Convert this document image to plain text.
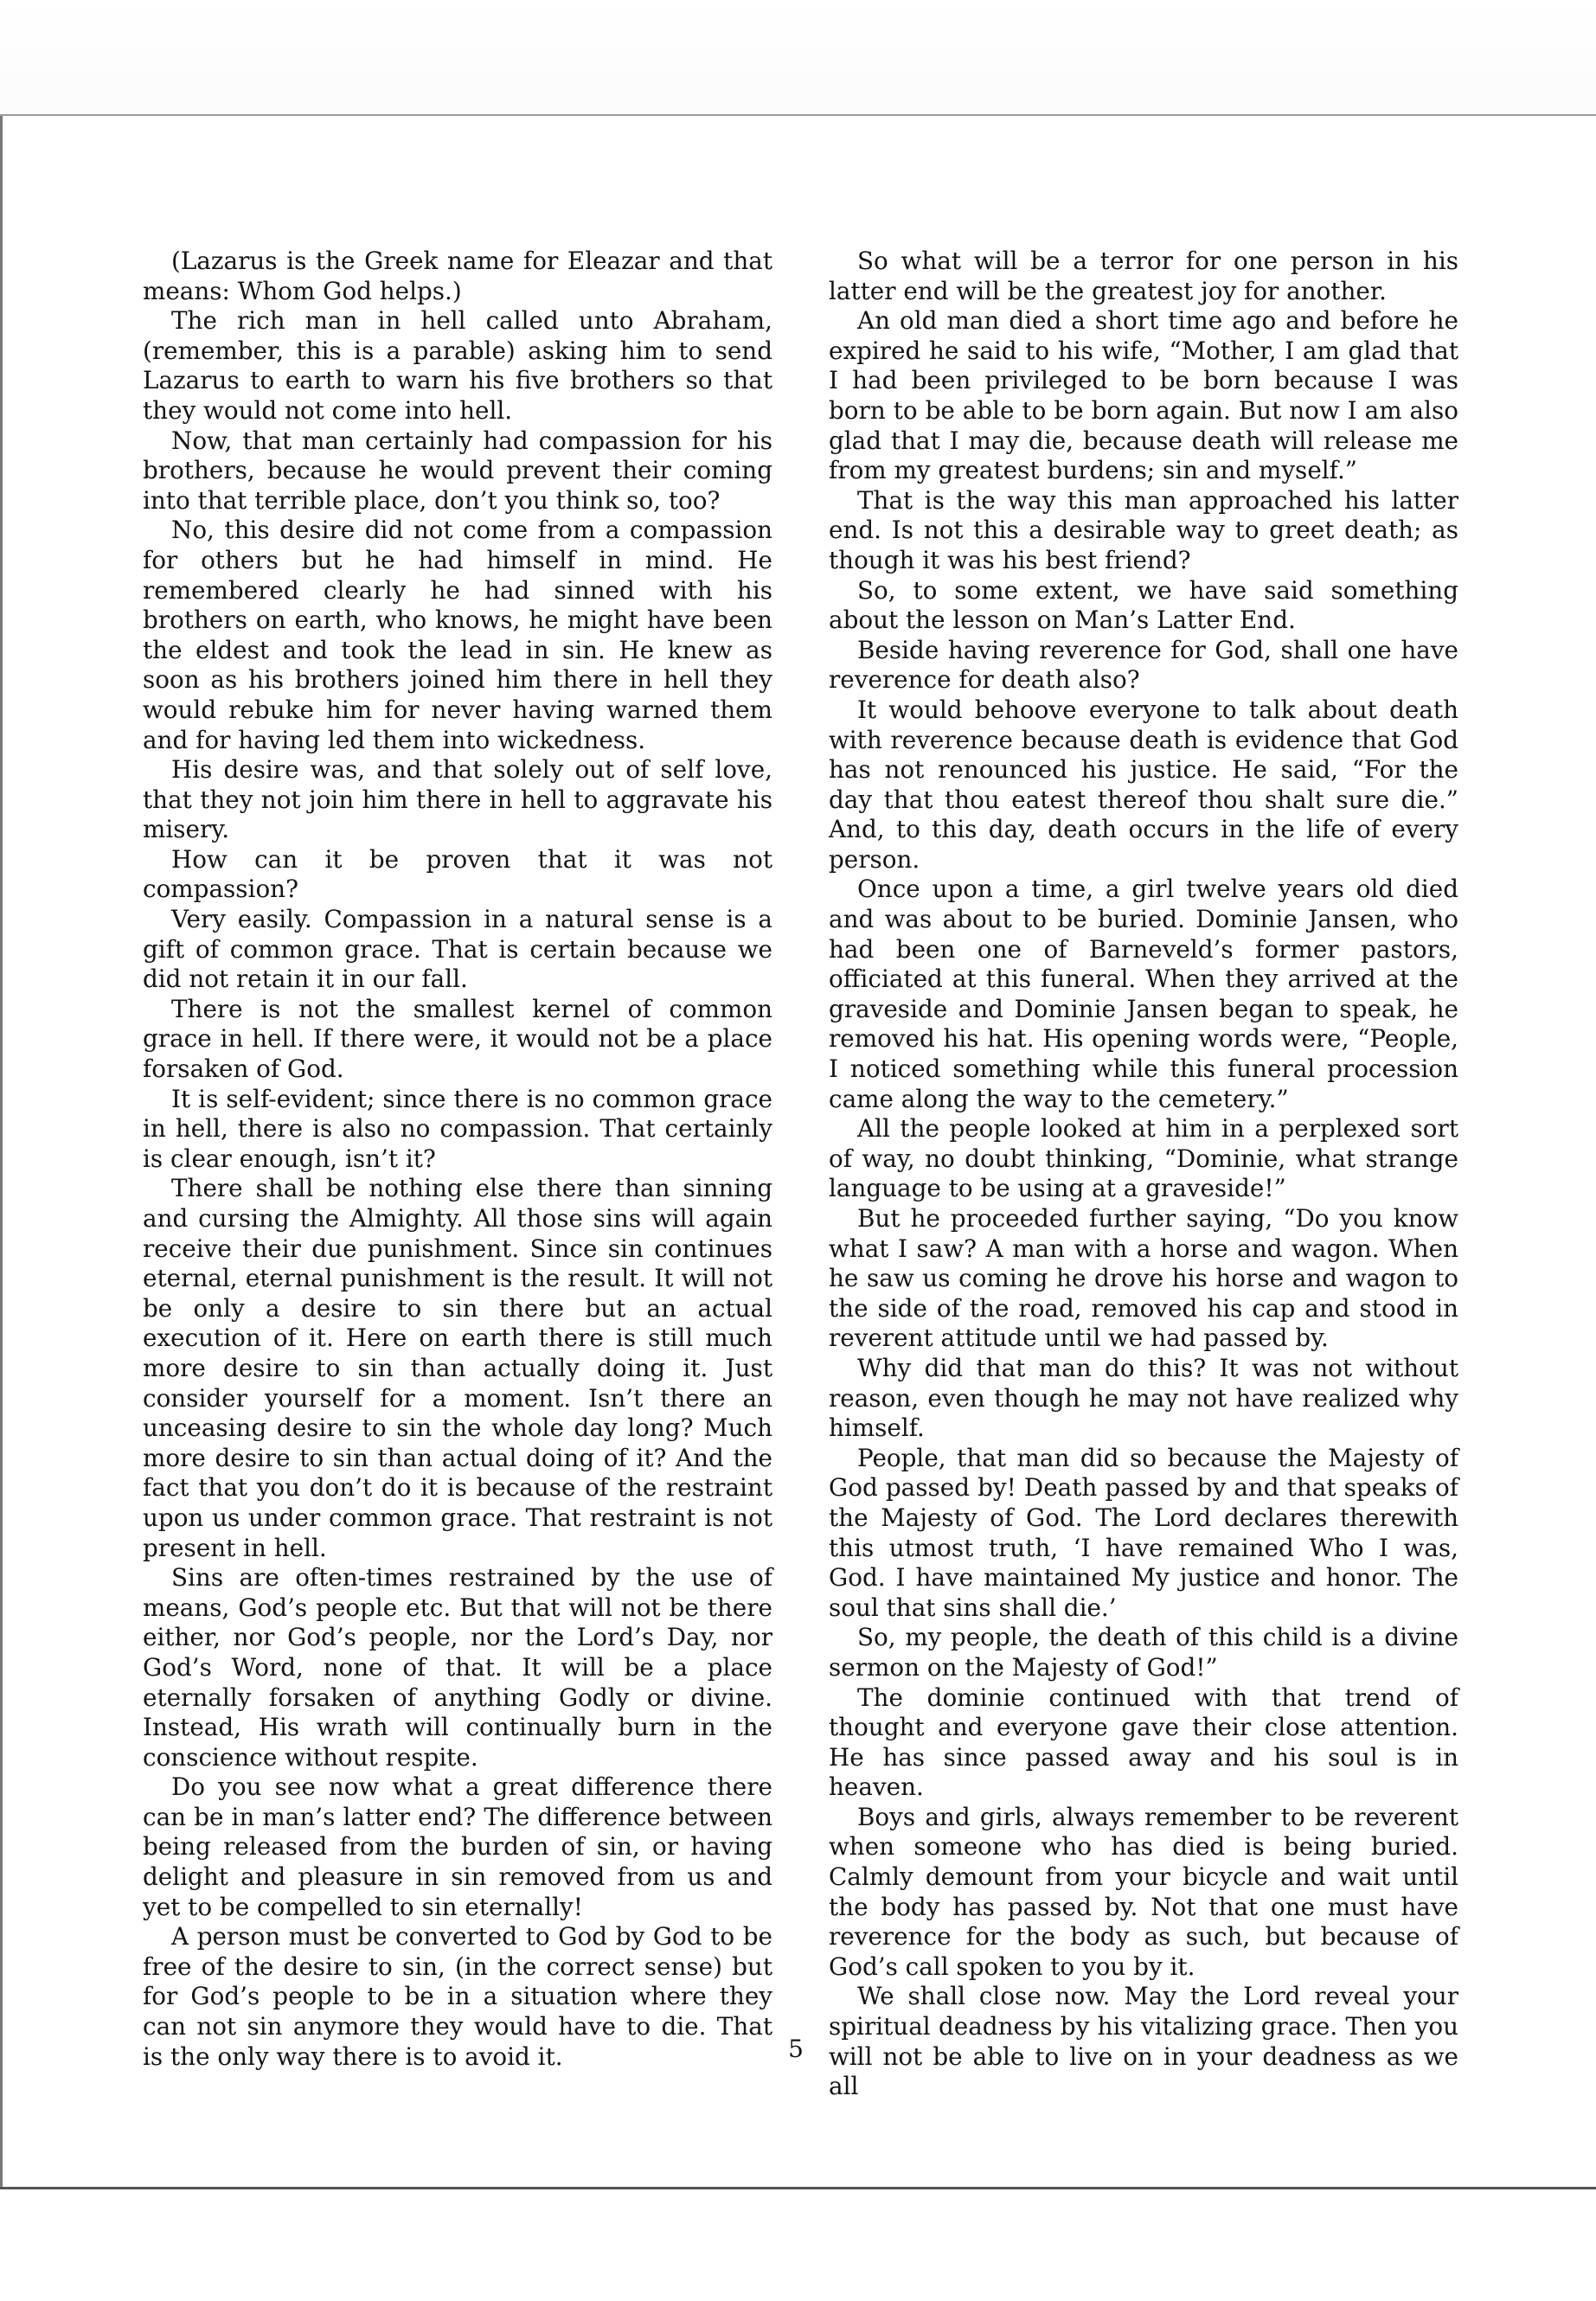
(Lazarus is the Greek name for Eleazar and that means: Whom God helps.)

The rich man in hell called unto Abraham, (remember, this is a parable) asking him to send Lazarus to earth to warn his five brothers so that they would not come into hell.

Now, that man certainly had compassion for his brothers, because he would prevent their coming into that terrible place, don’t you think so, too?

No, this desire did not come from a compassion for others but he had himself in mind. He remembered clearly he had sinned with his brothers on earth, who knows, he might have been the eldest and took the lead in sin. He knew as soon as his brothers joined him there in hell they would rebuke him for never having warned them and for having led them into wickedness.

His desire was, and that solely out of self love, that they not join him there in hell to aggravate his misery.

How can it be proven that it was not compassion?

Very easily. Compassion in a natural sense is a gift of common grace. That is certain because we did not retain it in our fall.

There is not the smallest kernel of common grace in hell. If there were, it would not be a place forsaken of God.

It is self-evident; since there is no common grace in hell, there is also no compassion. That certainly is clear enough, isn’t it?

There shall be nothing else there than sinning and cursing the Almighty. All those sins will again receive their due punishment. Since sin continues eternal, eternal punishment is the result. It will not be only a desire to sin there but an actual execution of it. Here on earth there is still much more desire to sin than actually doing it. Just consider yourself for a moment. Isn’t there an unceasing desire to sin the whole day long? Much more desire to sin than actual doing of it? And the fact that you don’t do it is because of the restraint upon us under common grace. That restraint is not present in hell.

Sins are often-times restrained by the use of means, God’s people etc. But that will not be there either, nor God’s people, nor the Lord’s Day, nor God’s Word, none of that. It will be a place eternally forsaken of anything Godly or divine. Instead, His wrath will continually burn in the conscience without respite.

Do you see now what a great difference there can be in man’s latter end? The difference between being released from the burden of sin, or having delight and pleasure in sin removed from us and yet to be compelled to sin eternally!

A person must be converted to God by God to be free of the desire to sin, (in the correct sense) but for God’s people to be in a situation where they can not sin anymore they would have to die. That is the only way there is to avoid it.

So what will be a terror for one person in his latter end will be the greatest joy for another.

An old man died a short time ago and before he expired he said to his wife, “Mother, I am glad that I had been privileged to be born because I was born to be able to be born again. But now I am also glad that I may die, because death will release me from my greatest burdens; sin and myself.”

That is the way this man approached his latter end. Is not this a desirable way to greet death; as though it was his best friend?

So, to some extent, we have said something about the lesson on Man’s Latter End.

Beside having reverence for God, shall one have reverence for death also?

It would behoove everyone to talk about death with reverence because death is evidence that God has not renounced his justice. He said, “For the day that thou eatest thereof thou shalt sure die.” And, to this day, death occurs in the life of every person.

Once upon a time, a girl twelve years old died and was about to be buried. Dominie Jansen, who had been one of Barneveld’s former pastors, officiated at this funeral. When they arrived at the graveside and Dominie Jansen began to speak, he removed his hat. His opening words were, “People, I noticed something while this funeral procession came along the way to the cemetery.”

All the people looked at him in a perplexed sort of way, no doubt thinking, “Dominie, what strange language to be using at a graveside!”

But he proceeded further saying, “Do you know what I saw? A man with a horse and wagon. When he saw us coming he drove his horse and wagon to the side of the road, removed his cap and stood in reverent attitude until we had passed by.

Why did that man do this? It was not without reason, even though he may not have realized why himself.

People, that man did so because the Majesty of God passed by! Death passed by and that speaks of the Majesty of God. The Lord declares therewith this utmost truth, ‘I have remained Who I was, God. I have maintained My justice and honor. The soul that sins shall die.’

So, my people, the death of this child is a divine sermon on the Majesty of God!”

The dominie continued with that trend of thought and everyone gave their close attention. He has since passed away and his soul is in heaven.

Boys and girls, always remember to be reverent when someone who has died is being buried. Calmly demount from your bicycle and wait until the body has passed by. Not that one must have reverence for the body as such, but because of God’s call spoken to you by it.

We shall close now. May the Lord reveal your spiritual deadness by his vitalizing grace. Then you will not be able to live on in your deadness as we all

5
